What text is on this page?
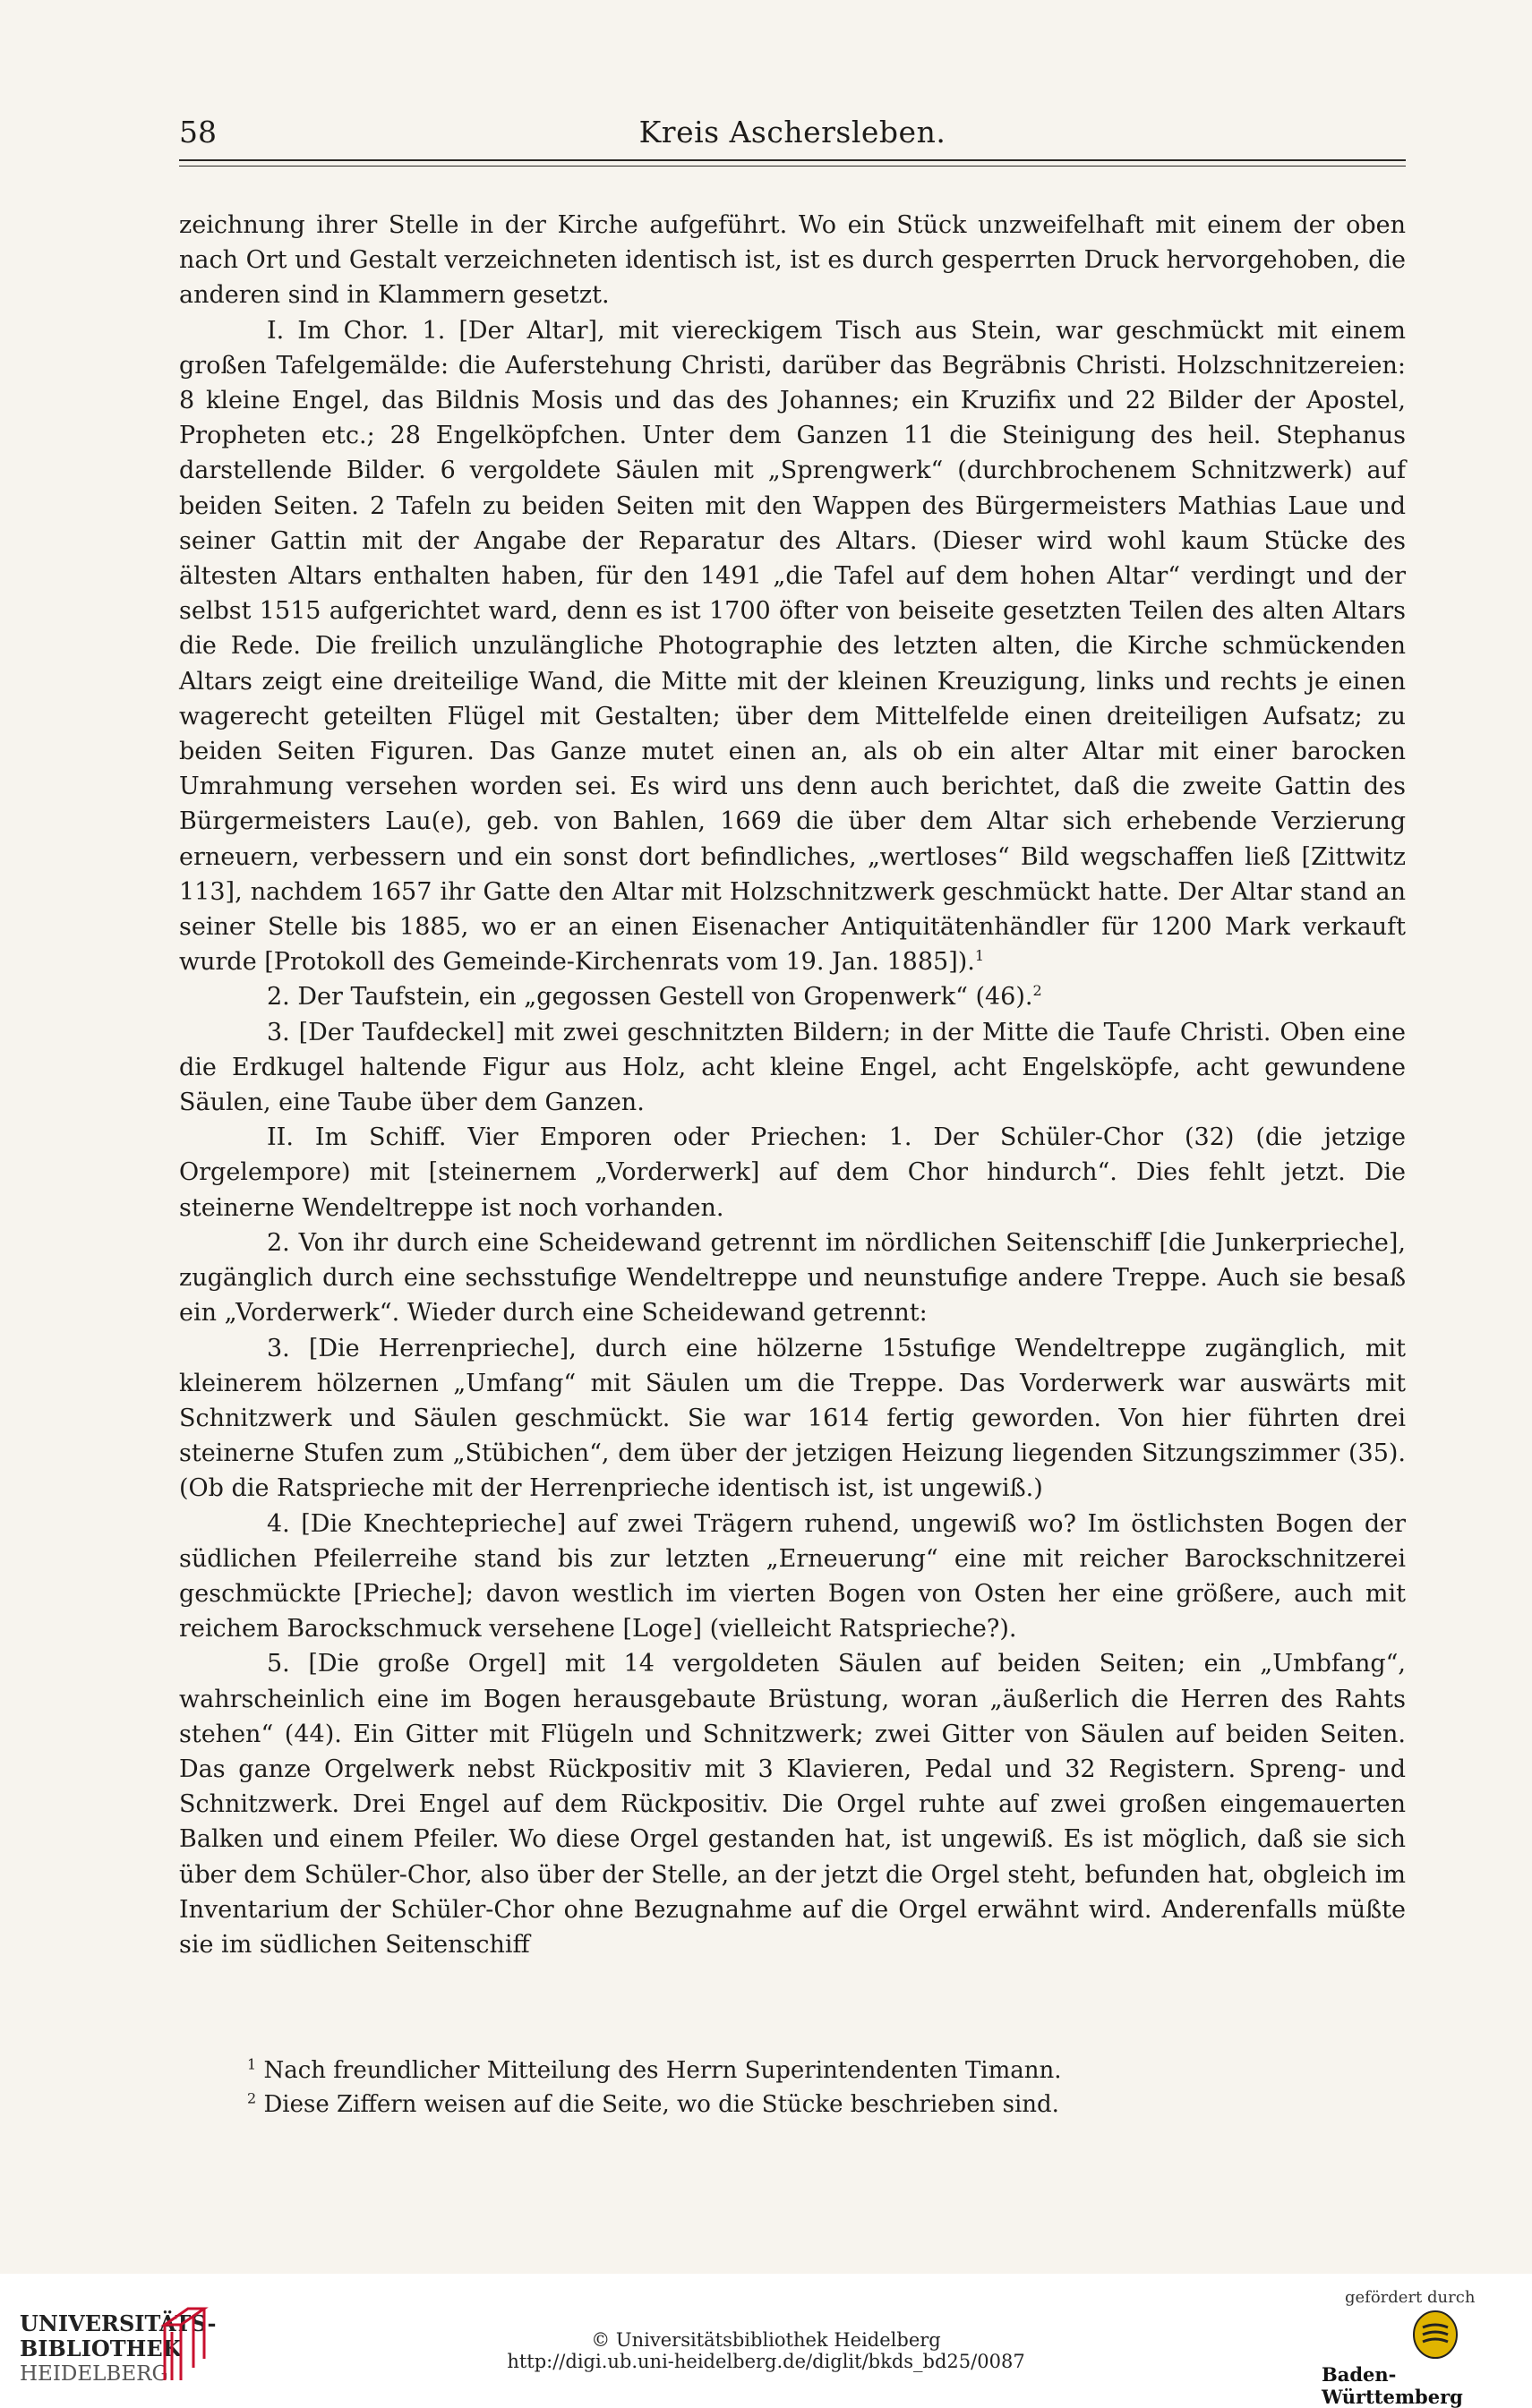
58	Kreis Aschersleben.

zeichnung ihrer Stelle in der Kirche aufgeführt. Wo ein Stück unzweifelhaft mit einem der oben nach Ort und Gestalt verzeichneten identisch ist, ist es durch gesperrten Druck hervorgehoben, die anderen sind in Klammern gesetzt.

I. Im Chor. 1. [Der Altar], mit viereckigem Tisch aus Stein, war geschmückt mit einem großen Tafelgemälde: die Auferstehung Christi, darüber das Begräbnis Christi. Holzschnitzereien: 8 kleine Engel, das Bildnis Mosis und das des Johannes; ein Kruzifix und 22 Bilder der Apostel, Propheten etc.; 28 Engelköpfchen. Unter dem Ganzen 11 die Steinigung des heil. Stephanus darstellende Bilder. 6 vergoldete Säulen mit „Sprengwerk“ (durchbrochenem Schnitzwerk) auf beiden Seiten. 2 Tafeln zu beiden Seiten mit den Wappen des Bürgermeisters Mathias Laue und seiner Gattin mit der Angabe der Reparatur des Altars. (Dieser wird wohl kaum Stücke des ältesten Altars enthalten haben, für den 1491 „die Tafel auf dem hohen Altar“ verdingt und der selbst 1515 aufgerichtet ward, denn es ist 1700 öfter von beiseite gesetzten Teilen des alten Altars die Rede. Die freilich unzulängliche Photographie des letzten alten, die Kirche schmückenden Altars zeigt eine dreiteilige Wand, die Mitte mit der kleinen Kreuzigung, links und rechts je einen wagerecht geteilten Flügel mit Gestalten; über dem Mittelfelde einen dreiteiligen Aufsatz; zu beiden Seiten Figuren. Das Ganze mutet einen an, als ob ein alter Altar mit einer barocken Umrahmung versehen worden sei. Es wird uns denn auch berichtet, daß die zweite Gattin des Bürgermeisters Lau(e), geb. von Bahlen, 1669 die über dem Altar sich erhebende Verzierung erneuern, verbessern und ein sonst dort befindliches, „wertloses“ Bild wegschaffen ließ [Zittwitz 113], nachdem 1657 ihr Gatte den Altar mit Holzschnitzwerk geschmückt hatte. Der Altar stand an seiner Stelle bis 1885, wo er an einen Eisenacher Antiquitätenhändler für 1200 Mark verkauft wurde [Protokoll des Gemeinde-Kirchenrats vom 19. Jan. 1885]).$^1$

2. Der Taufstein, ein „gegossen Gestell von Gropenwerk“ (46).$^2$

3. [Der Taufdeckel] mit zwei geschnitzten Bildern; in der Mitte die Taufe Christi. Oben eine die Erdkugel haltende Figur aus Holz, acht kleine Engel, acht Engelsköpfe, acht gewundene Säulen, eine Taube über dem Ganzen.

II. Im Schiff. Vier Emporen oder Priechen: 1. Der Schüler-Chor (32) (die jetzige Orgelempore) mit [steinernem „Vorderwerk] auf dem Chor hindurch“. Dies fehlt jetzt. Die steinerne Wendeltreppe ist noch vorhanden.

2. Von ihr durch eine Scheidewand getrennt im nördlichen Seitenschiff [die Junkerprieche], zugänglich durch eine sechsstufige Wendeltreppe und neunstufige andere Treppe. Auch sie besaß ein „Vorderwerk“. Wieder durch eine Scheidewand getrennt:

3. [Die Herrenprieche], durch eine hölzerne 15stufige Wendeltreppe zugänglich, mit kleinerem hölzernen „Umfang“ mit Säulen um die Treppe. Das Vorderwerk war auswärts mit Schnitzwerk und Säulen geschmückt. Sie war 1614 fertig geworden. Von hier führten drei steinerne Stufen zum „Stübichen“, dem über der jetzigen Heizung liegenden Sitzungszimmer (35). (Ob die Ratsprieche mit der Herrenprieche identisch ist, ist ungewiß.)

4. [Die Knechteprieche] auf zwei Trägern ruhend, ungewiß wo? Im östlichsten Bogen der südlichen Pfeilerreihe stand bis zur letzten „Erneuerung“ eine mit reicher Barockschnitzerei geschmückte [Prieche]; davon westlich im vierten Bogen von Osten her eine größere, auch mit reichem Barockschmuck versehene [Loge] (vielleicht Ratsprieche?).

5. [Die große Orgel] mit 14 vergoldeten Säulen auf beiden Seiten; ein „Umbfang“, wahrscheinlich eine im Bogen herausgebaute Brüstung, woran „äußerlich die Herren des Rahts stehen“ (44). Ein Gitter mit Flügeln und Schnitzwerk; zwei Gitter von Säulen auf beiden Seiten. Das ganze Orgelwerk nebst Rückpositiv mit 3 Klavieren, Pedal und 32 Registern. Spreng- und Schnitzwerk. Drei Engel auf dem Rückpositiv. Die Orgel ruhte auf zwei großen eingemauerten Balken und einem Pfeiler. Wo diese Orgel gestanden hat, ist ungewiß. Es ist möglich, daß sie sich über dem Schüler-Chor, also über der Stelle, an der jetzt die Orgel steht, befunden hat, obgleich im Inventarium der Schüler-Chor ohne Bezugnahme auf die Orgel erwähnt wird. Anderenfalls müßte sie im südlichen Seitenschiff

$^1$ Nach freundlicher Mitteilung des Herrn Superintendenten Timann.

$^2$ Diese Ziffern weisen auf die Seite, wo die Stücke beschrieben sind.

UNIVERSITÄTS-
BIBLIOTHEK
HEIDELBERG
© Universitätsbibliothek Heidelberg
http://digi.ub.uni-heidelberg.de/diglit/bkds_bd25/0087
gefördert durch
Baden-Württemberg
